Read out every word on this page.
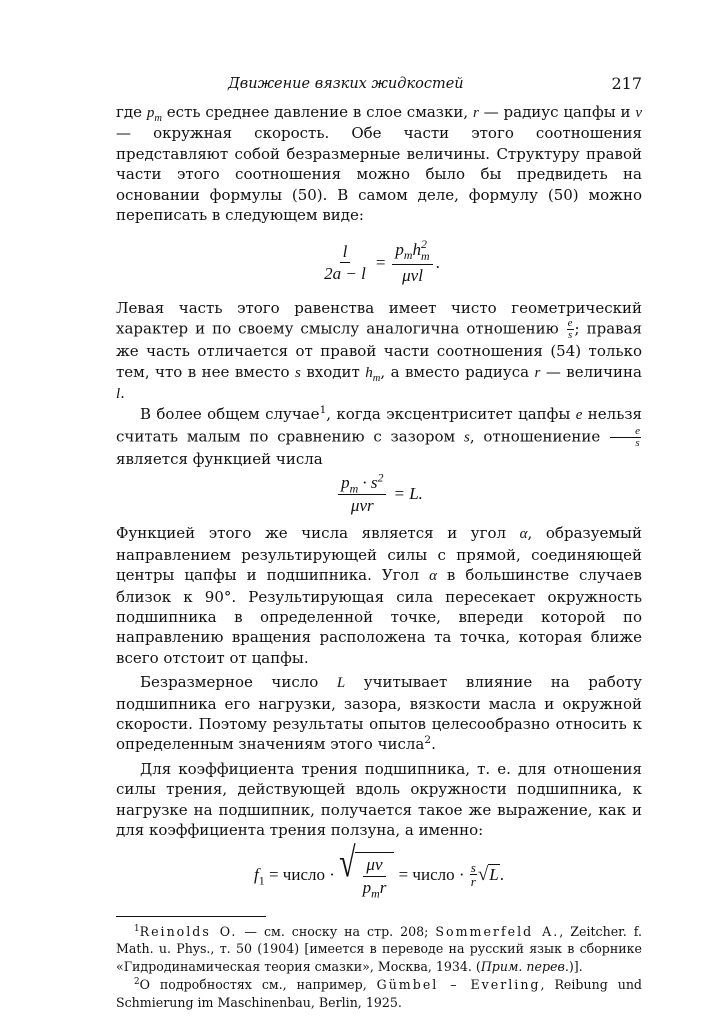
Движение вязких жидкостей	217

где $p_m$ есть среднее давление в слое смазки, r — радиус цапфы и v — окружная скорость. Обе части этого соотношения представляют собой безразмерные величины. Структуру правой части этого соотношения можно было бы предвидеть на основании формулы (50). В самом деле, формулу (50) можно переписать в следующем виде:

$\frac{l}{2a - l} = p_mh$ 2
m
μvl .

Левая часть этого равенства имеет чисто геометрический характер и по своему смыслу аналогична отношению $\frac{e}{s}$ ; правая же часть отличается от правой части соотношения (54) только тем, что в нее вместо s входит $h_m$, а вместо радиуса r — величина l.

В более общем случае$^1$, когда эксцентриситет цапфы e нельзя считать малым по сравнению с зазором s, отношениение $\frac{e}{s}$
является функцией числа

$\frac{p_m \cdot s^2}{\text{μvr}} = L$.

Функцией этого же числа является и угол α, образуемый направлением результирующей силы с прямой, соединяющей центры цапфы и подшипника. Угол α в большинстве случаев близок к 90°. Результирующая сила пересекает окружность подшипника в определенной точке, впереди которой по направлению вращения расположена та точка, которая ближе всего отстоит от цапфы.

Безразмерное число L учитывает влияние на работу подшипника его нагрузки, зазора, вязкости масла и окружной скорости. Поэтому результаты опытов целесообразно относить к определенным значениям этого числа$^2$.

Для коэффициента трения подшипника, т. е. для отношения силы трения, действующей вдоль окружности подшипника, к нагрузке на подшипник, получается такое же выражение, как и для коэффициента трения ползуна, а именно:

$f_1$ = число · √ $\frac{\mu v}{p_mr}$ = число · s
r √ L .
$^1$Reinolds O. — см. сноску на стр. 208; Sommerfeld A., Zeitcher. f. Math. u. Phys., т. 50 (1904) [имеется в переводе на русский язык в сборнике «Гидродинамическая теория смазки», Москва, 1934. (Прим. перев.)].
$^2$О подробностях см., например, Gümbel – Everling, Reibung und Schmierung im Maschinenbau, Berlin, 1925.
